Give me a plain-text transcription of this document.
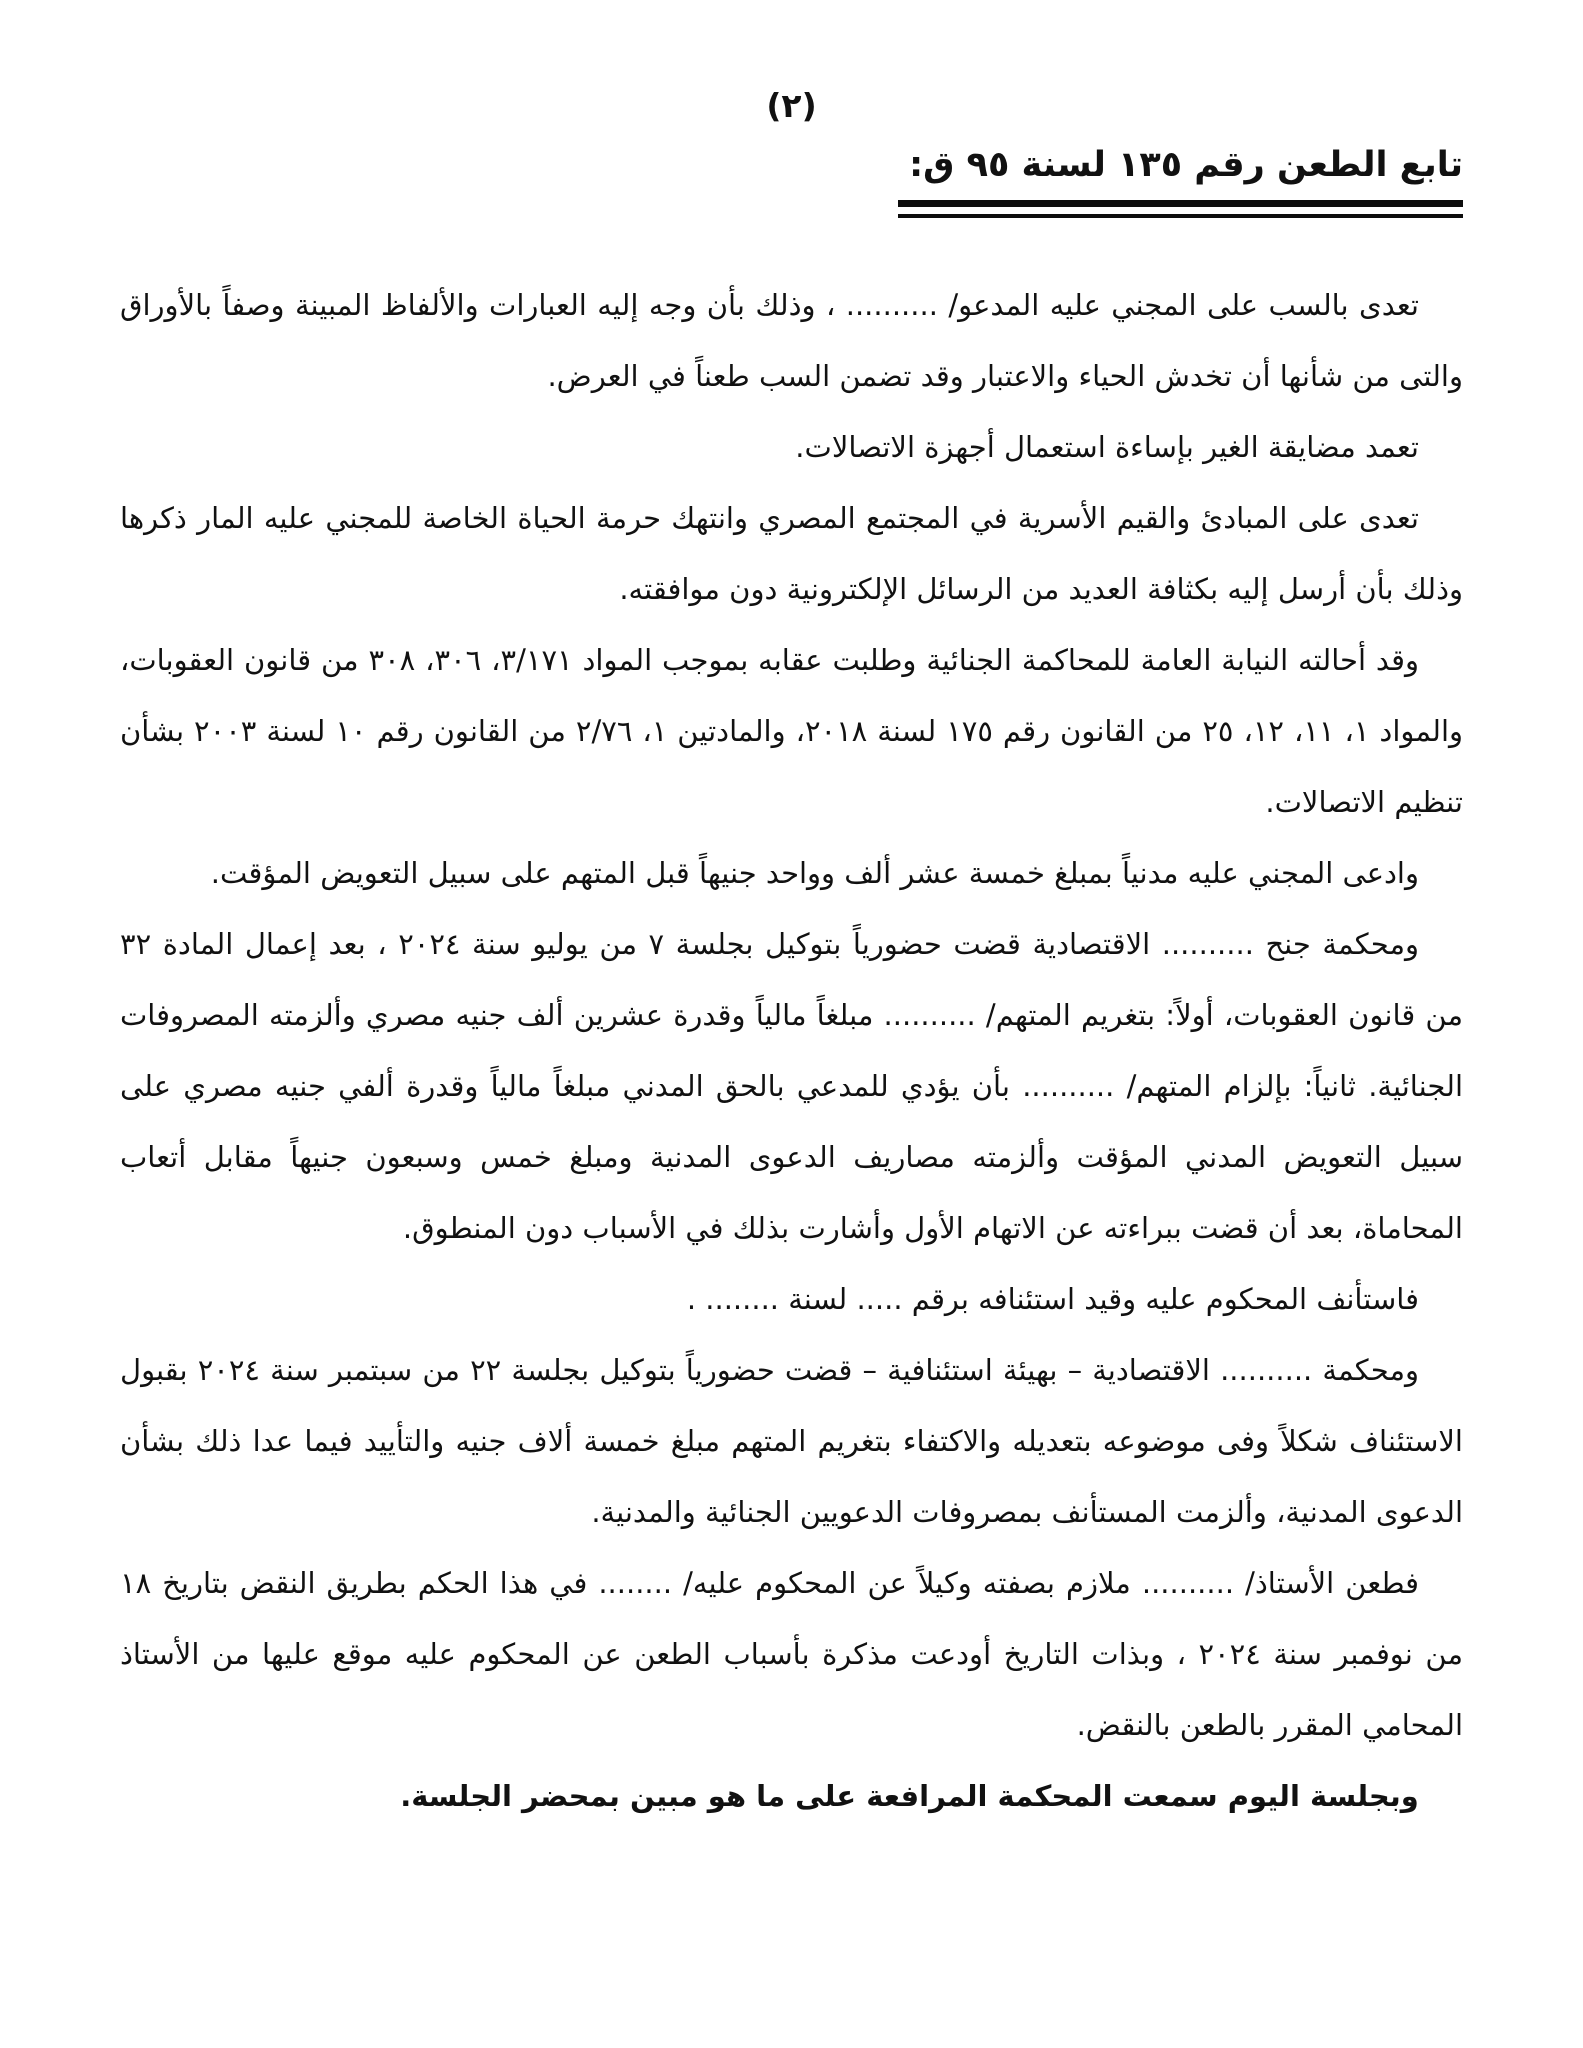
(٢)
تابع الطعن رقم ١٣٥ لسنة ٩٥ ق:

تعدى بالسب على المجني عليه المدعو/ .......... ، وذلك بأن وجه إليه العبارات والألفاظ المبينة وصفاً بالأوراق والتى من شأنها أن تخدش الحياء والاعتبار وقد تضمن السب طعناً في العرض.

تعمد مضايقة الغير بإساءة استعمال أجهزة الاتصالات.

تعدى على المبادئ والقيم الأسرية في المجتمع المصري وانتهك حرمة الحياة الخاصة للمجني عليه المار ذكرها وذلك بأن أرسل إليه بكثافة العديد من الرسائل الإلكترونية دون موافقته.

وقد أحالته النيابة العامة للمحاكمة الجنائية وطلبت عقابه بموجب المواد ٣/١٧١، ٣٠٦، ٣٠٨ من قانون العقوبات، والمواد ١، ١١، ١٢، ٢٥ من القانون رقم ١٧٥ لسنة ٢٠١٨، والمادتين ١، ٢/٧٦ من القانون رقم ١٠ لسنة ٢٠٠٣ بشأن تنظيم الاتصالات.

وادعى المجني عليه مدنياً بمبلغ خمسة عشر ألف وواحد جنيهاً قبل المتهم على سبيل التعويض المؤقت.

ومحكمة جنح .......... الاقتصادية قضت حضورياً بتوكيل بجلسة ٧ من يوليو سنة ٢٠٢٤ ، بعد إعمال المادة ٣٢ من قانون العقوبات، أولاً: بتغريم المتهم/ .......... مبلغاً مالياً وقدرة عشرين ألف جنيه مصري وألزمته المصروفات الجنائية. ثانياً: بإلزام المتهم/ .......... بأن يؤدي للمدعي بالحق المدني مبلغاً مالياً وقدرة ألفي جنيه مصري على سبيل التعويض المدني المؤقت وألزمته مصاريف الدعوى المدنية ومبلغ خمس وسبعون جنيهاً مقابل أتعاب المحاماة، بعد أن قضت ببراءته عن الاتهام الأول وأشارت بذلك في الأسباب دون المنطوق.

فاستأنف المحكوم عليه وقيد استئنافه برقم ..... لسنة ........ .

ومحكمة .......... الاقتصادية – بهيئة استئنافية – قضت حضورياً بتوكيل بجلسة ٢٢ من سبتمبر سنة ٢٠٢٤ بقبول الاستئناف شكلاً وفى موضوعه بتعديله والاكتفاء بتغريم المتهم مبلغ خمسة ألاف جنيه والتأييد فيما عدا ذلك بشأن الدعوى المدنية، وألزمت المستأنف بمصروفات الدعويين الجنائية والمدنية.

فطعن الأستاذ/ .......... ملازم بصفته وكيلاً عن المحكوم عليه/ ........ في هذا الحكم بطريق النقض بتاريخ ١٨ من نوفمبر سنة ٢٠٢٤ ، وبذات التاريخ أودعت مذكرة بأسباب الطعن عن المحكوم عليه موقع عليها من الأستاذ المحامي المقرر بالطعن بالنقض.

وبجلسة اليوم سمعت المحكمة المرافعة على ما هو مبين بمحضر الجلسة.
